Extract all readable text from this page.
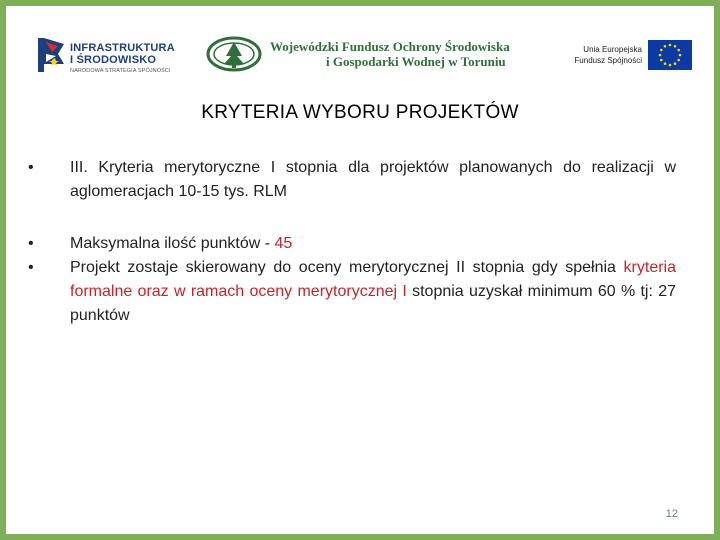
INFRASTRUKTURA
I ŚRODOWISKO
NARODOWA STRATEGIA SPÓJNOŚCI
Wojewódzki Fundusz Ochrony Środowiska
i Gospodarki Wodnej w Toruniu
Unia Europejska
Fundusz Spójności
KRYTERIA WYBORU PROJEKTÓW
• III. Kryteria merytoryczne I stopnia dla projektów planowanych do realizacji w aglomeracjach 10-15 tys. RLM
• Maksymalna ilość punktów - 45
• Projekt zostaje skierowany do oceny merytorycznej II stopnia gdy spełnia kryteria formalne oraz w ramach oceny merytorycznej I stopnia uzyskał minimum 60 % tj: 27 punktów
12
